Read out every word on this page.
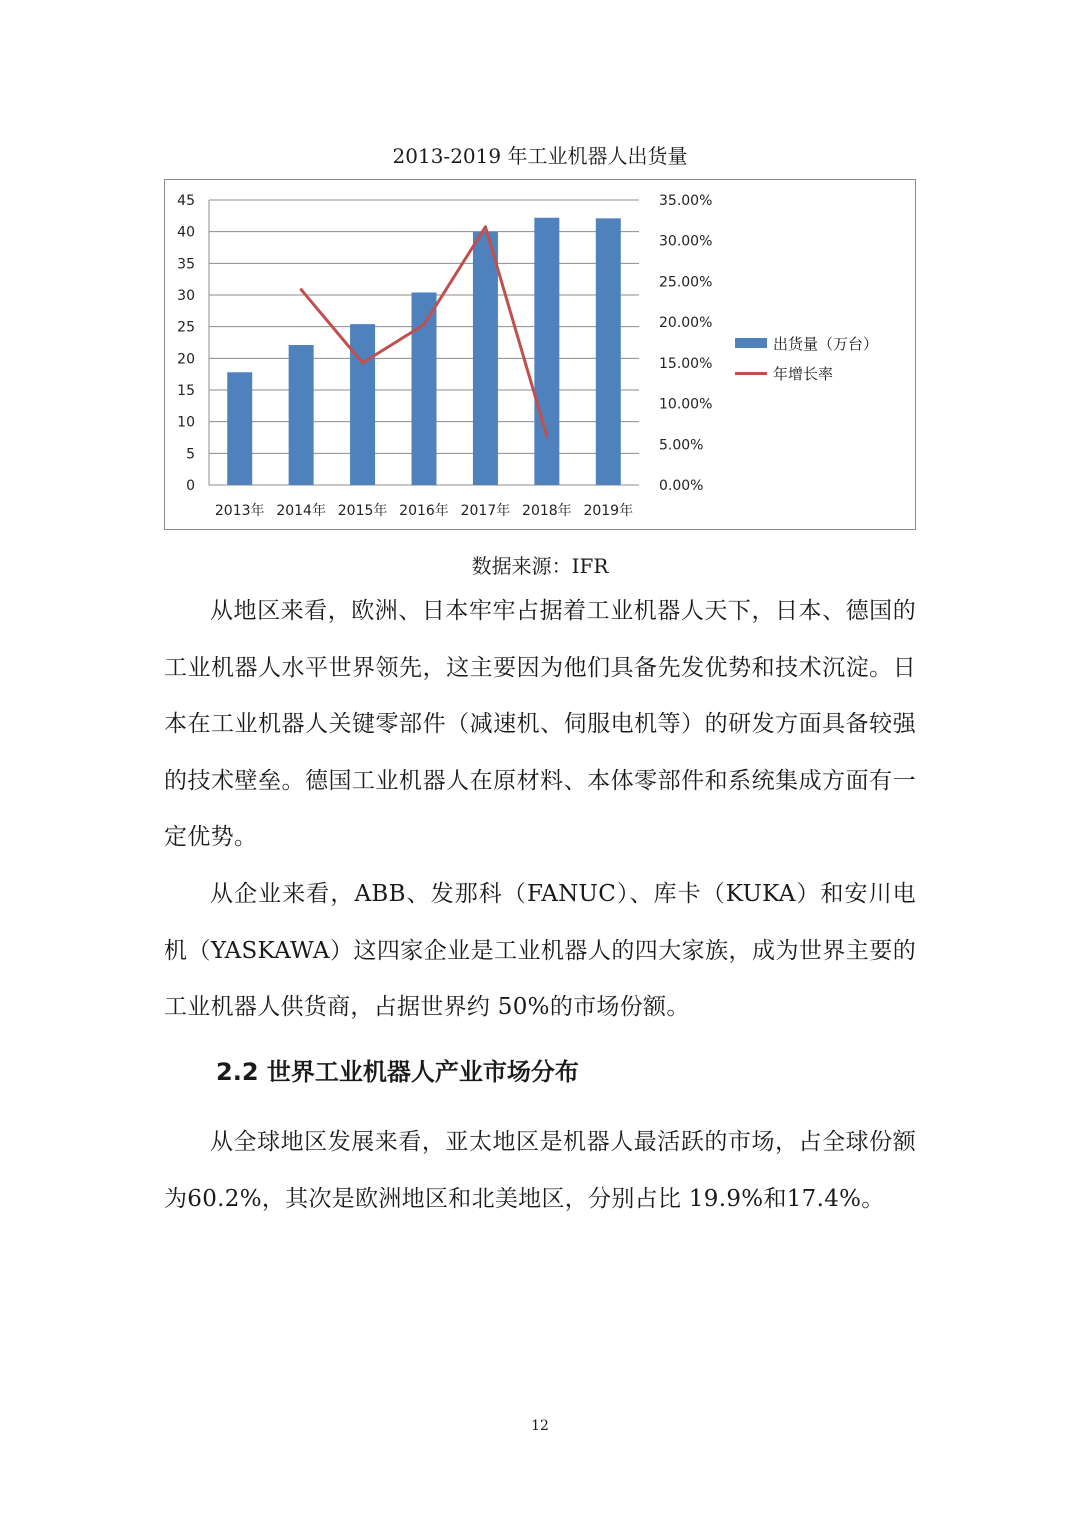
2013-2019 年工业机器人出货量
0
5
10
15
20
25
30
35
40
45
0.00%
5.00%
10.00%
15.00%
20.00%
25.00%
30.00%
35.00%
2013年 2014年 2015年 2016年 2017年 2018年 2019年
出货量（万台）
年增长率
数据来源：IFR

从地区来看，欧洲、日本牢牢占据着工业机器人天下，日本、德国的工业机器人水平世界领先，这主要因为他们具备先发优势和技术沉淀。日本在工业机器人关键零部件（减速机、伺服电机等）的研发方面具备较强的技术壁垒。德国工业机器人在原材料、本体零部件和系统集成方面有一定优势。

从企业来看，ABB、发那科（FANUC）、库卡（KUKA）和安川电机（YASKAWA）这四家企业是工业机器人的四大家族，成为世界主要的工业机器人供货商，占据世界约 50%的市场份额。

2.2 世界工业机器人产业市场分布

从全球地区发展来看，亚太地区是机器人最活跃的市场，占全球份额为60.2%，其次是欧洲地区和北美地区，分别占比 19.9%和17.4%。

12
